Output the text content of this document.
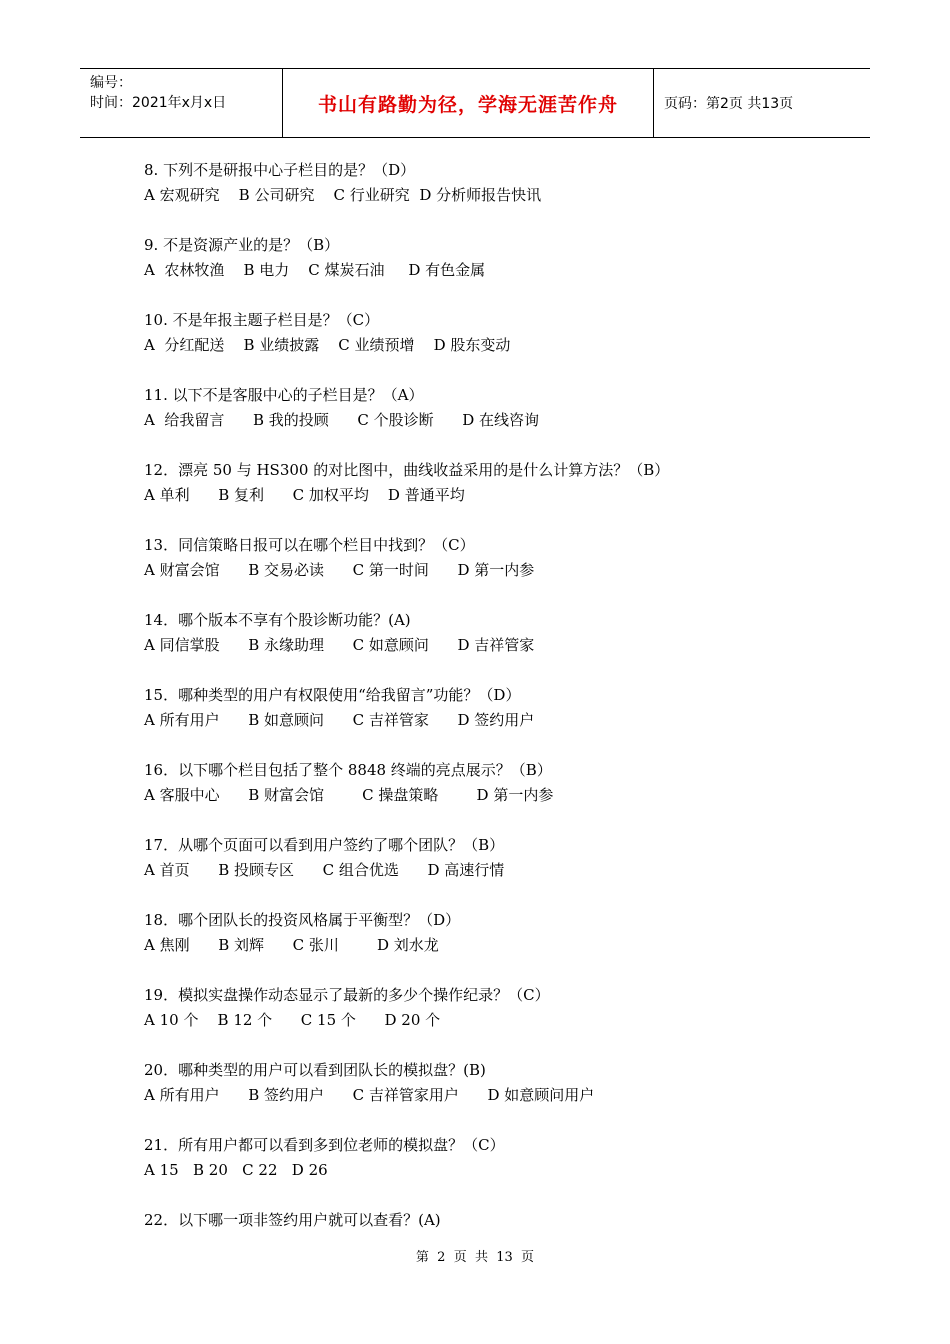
编号：
时间：2021年x月x日	书山有路勤为径，学海无涯苦作舟	页码：第2页 共13页
8. 下列不是研报中心子栏目的是？（D）
A 宏观研究    B 公司研究    C 行业研究  D 分析师报告快讯
9. 不是资源产业的是？（B）
A  农林牧渔    B 电力    C 煤炭石油     D 有色金属
10. 不是年报主题子栏目是？（C）
A  分红配送    B 业绩披露    C 业绩预增    D 股东变动
11. 以下不是客服中心的子栏目是？（A）
A  给我留言      B 我的投顾      C 个股诊断      D 在线咨询
12．漂亮 50 与 HS300 的对比图中，曲线收益采用的是什么计算方法？（B）
A 单利      B 复利      C 加权平均    D 普通平均
13．同信策略日报可以在哪个栏目中找到？（C）
A 财富会馆      B 交易必读      C 第一时间      D 第一内参
14．哪个版本不享有个股诊断功能？(A)
A 同信掌股      B 永缘助理      C 如意顾问      D 吉祥管家
15．哪种类型的用户有权限使用“给我留言”功能？（D）
A 所有用户      B 如意顾问      C 吉祥管家      D 签约用户
16．以下哪个栏目包括了整个 8848 终端的亮点展示？（B）
A 客服中心      B 财富会馆        C 操盘策略        D 第一内参
17．从哪个页面可以看到用户签约了哪个团队？（B）
A 首页      B 投顾专区      C 组合优选      D 高速行情
18．哪个团队长的投资风格属于平衡型？（D）
A 焦刚      B 刘辉      C 张川        D 刘水龙
19．模拟实盘操作动态显示了最新的多少个操作纪录？（C）
A 10 个    B 12 个      C 15 个      D 20 个
20．哪种类型的用户可以看到团队长的模拟盘？(B)
A 所有用户      B 签约用户      C 吉祥管家用户      D 如意顾问用户
21．所有用户都可以看到多到位老师的模拟盘？（C）
A 15   B 20   C 22   D 26
22．以下哪一项非签约用户就可以查看？(A)
第  2  页  共  13  页
